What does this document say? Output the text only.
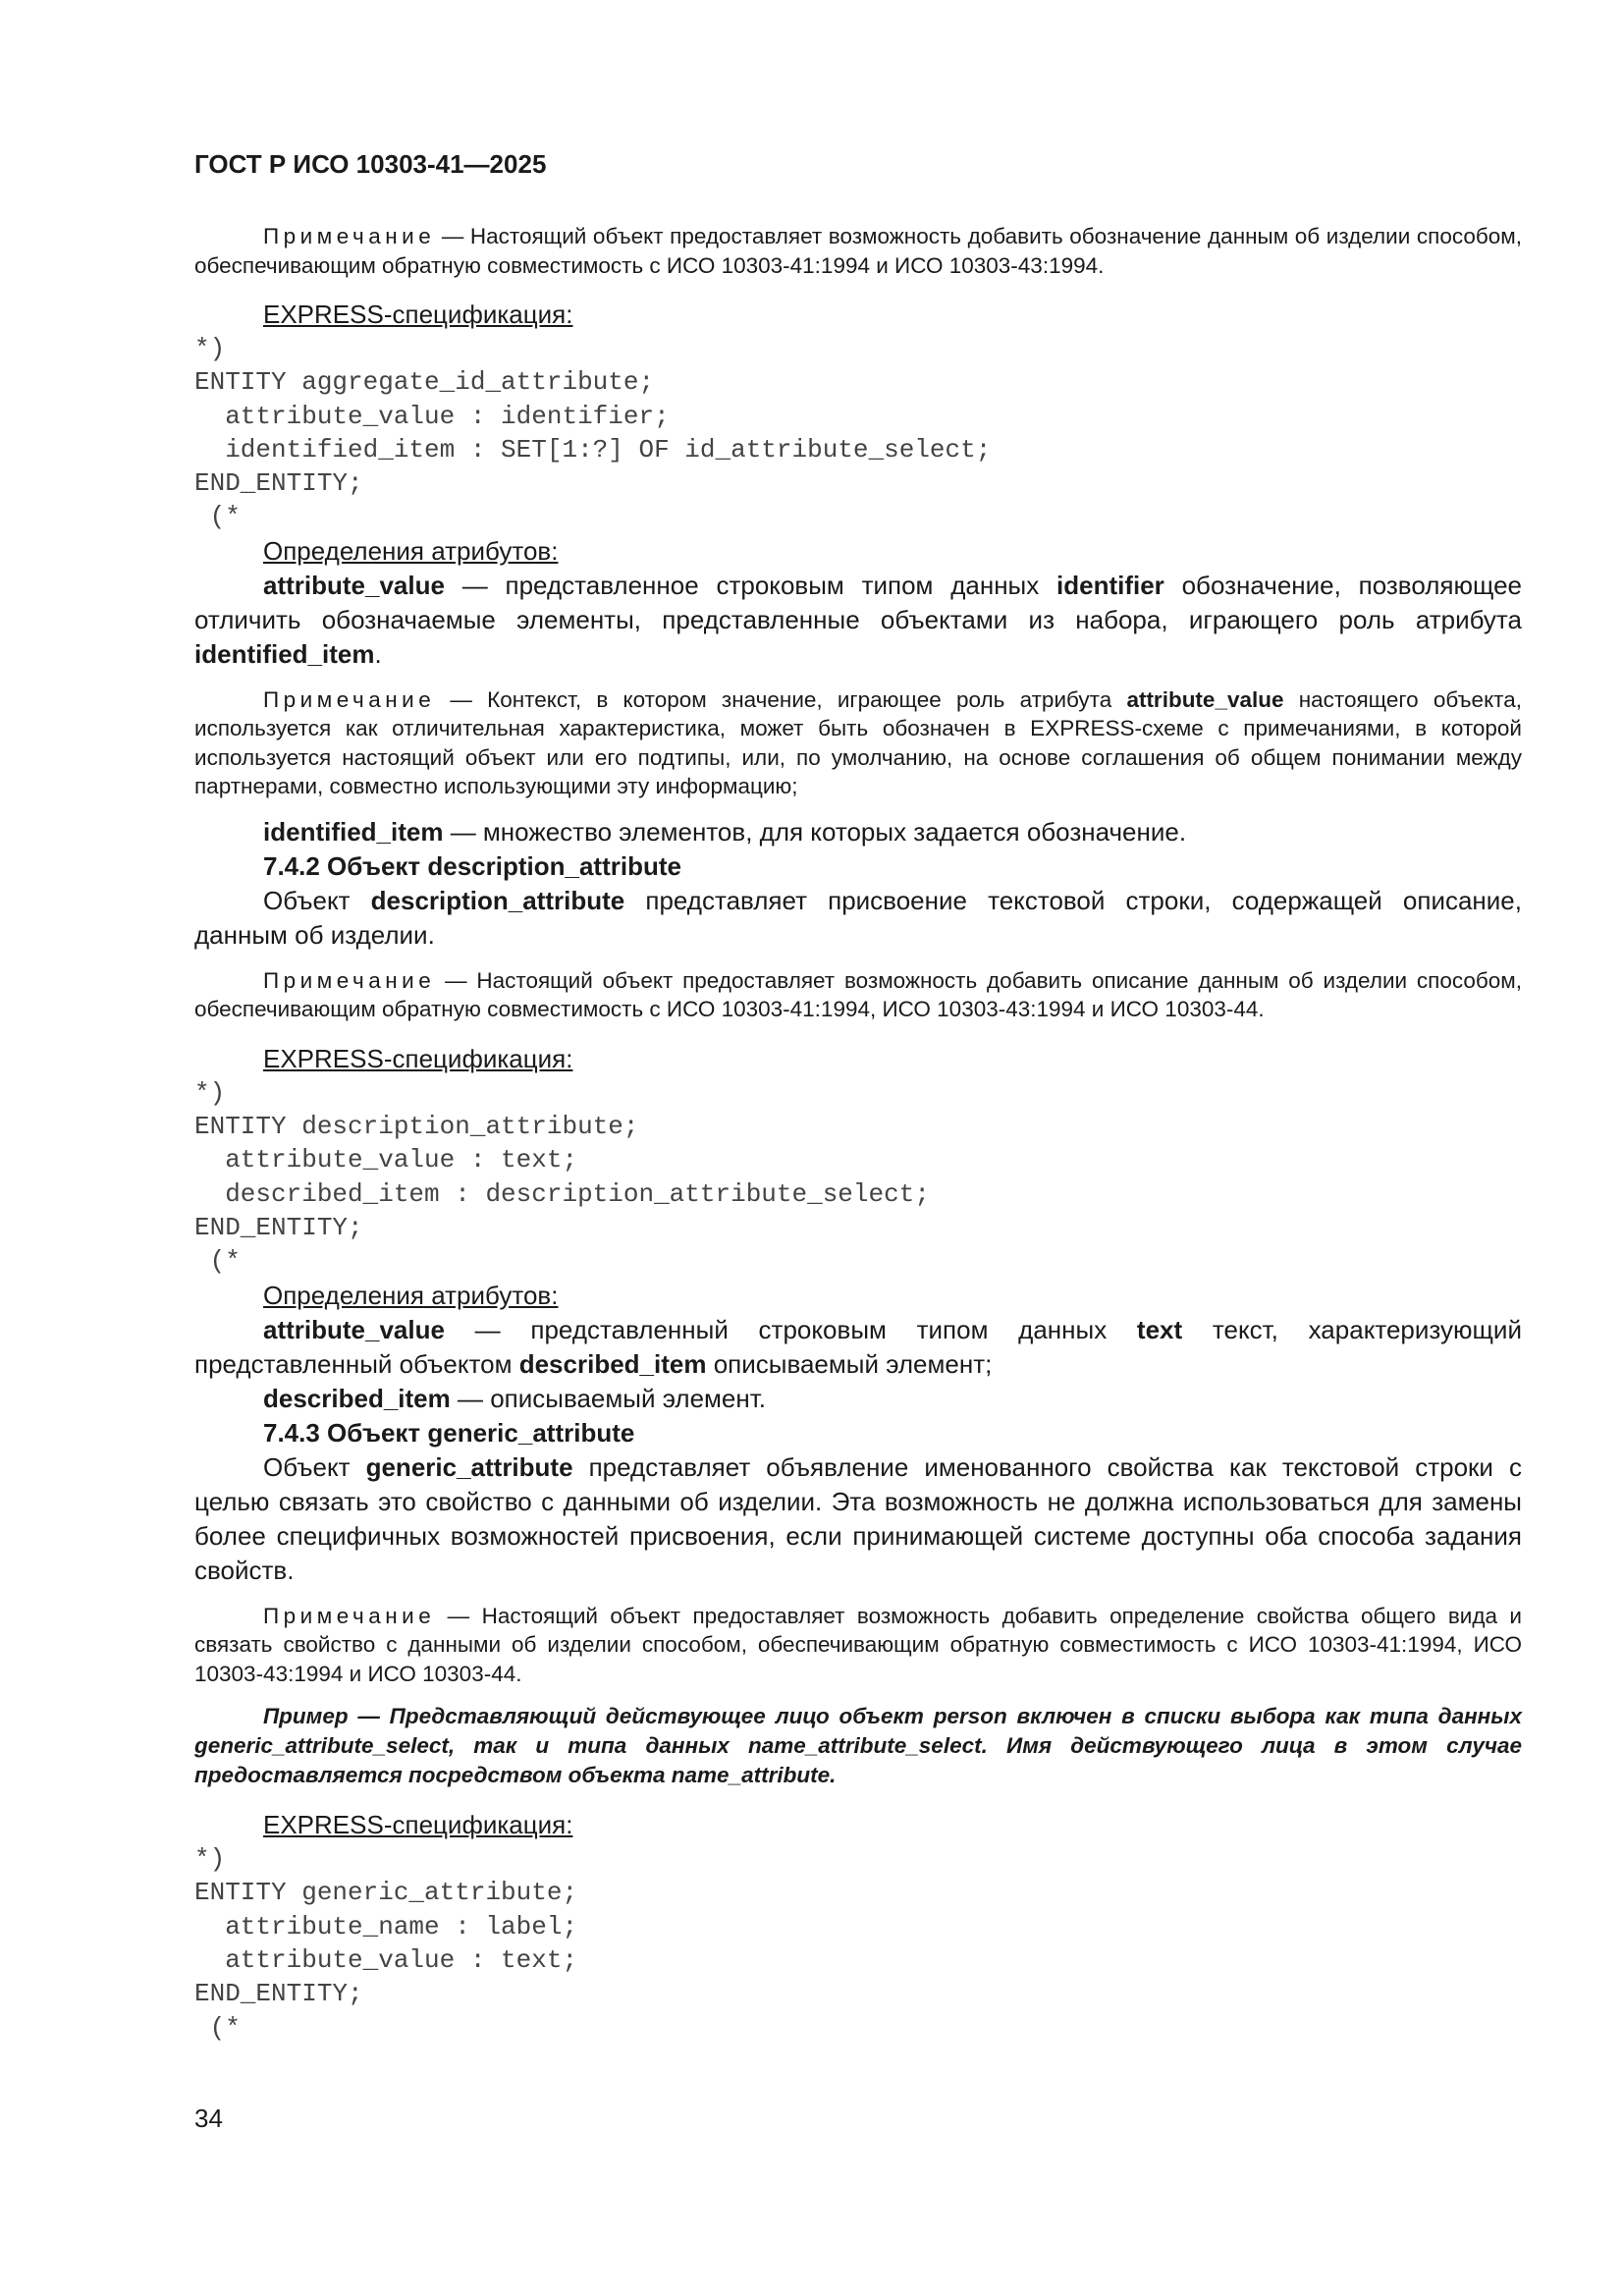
ГОСТ Р ИСО 10303-41—2025

Примечание — Настоящий объект предоставляет возможность добавить обозначение данным об изделии способом, обеспечивающим обратную совместимость с ИСО 10303-41:1994 и ИСО 10303-43:1994.

EXPRESS-спецификация:

*)
ENTITY aggregate_id_attribute;
attribute_value : identifier;
identified_item : SET[1:?] OF id_attribute_select;
END_ENTITY;
(*

Определения атрибутов:

attribute_value — представленное строковым типом данных identifier обозначение, позволяющее отличить обозначаемые элементы, представленные объектами из набора, играющего роль атрибута identified_item.

Примечание — Контекст, в котором значение, играющее роль атрибута attribute_value настоящего объекта, используется как отличительная характеристика, может быть обозначен в EXPRESS-схеме с примечаниями, в которой используется настоящий объект или его подтипы, или, по умолчанию, на основе соглашения об общем понимании между партнерами, совместно использующими эту информацию;

identified_item — множество элементов, для которых задается обозначение.

7.4.2 Объект description_attribute

Объект description_attribute представляет присвоение текстовой строки, содержащей описание, данным об изделии.

Примечание — Настоящий объект предоставляет возможность добавить описание данным об изделии способом, обеспечивающим обратную совместимость с ИСО 10303-41:1994, ИСО 10303-43:1994 и ИСО 10303-44.

EXPRESS-спецификация:

*)
ENTITY description_attribute;
attribute_value : text;
described_item : description_attribute_select;
END_ENTITY;
(*

Определения атрибутов:

attribute_value — представленный строковым типом данных text текст, характеризующий представленный объектом described_item описываемый элемент;

described_item — описываемый элемент.

7.4.3 Объект generic_attribute

Объект generic_attribute представляет объявление именованного свойства как текстовой строки с целью связать это свойство с данными об изделии. Эта возможность не должна использоваться для замены более специфичных возможностей присвоения, если принимающей системе доступны оба способа задания свойств.

Примечание — Настоящий объект предоставляет возможность добавить определение свойства общего вида и связать свойство с данными об изделии способом, обеспечивающим обратную совместимость с ИСО 10303-41:1994, ИСО 10303-43:1994 и ИСО 10303-44.

Пример — Представляющий действующее лицо объект person включен в списки выбора как типа данных generic_attribute_select, так и типа данных name_attribute_select. Имя действующего лица в этом случае предоставляется посредством объекта name_attribute.

EXPRESS-спецификация:

*)
ENTITY generic_attribute;
attribute_name : label;
attribute_value : text;
END_ENTITY;
(*
34
